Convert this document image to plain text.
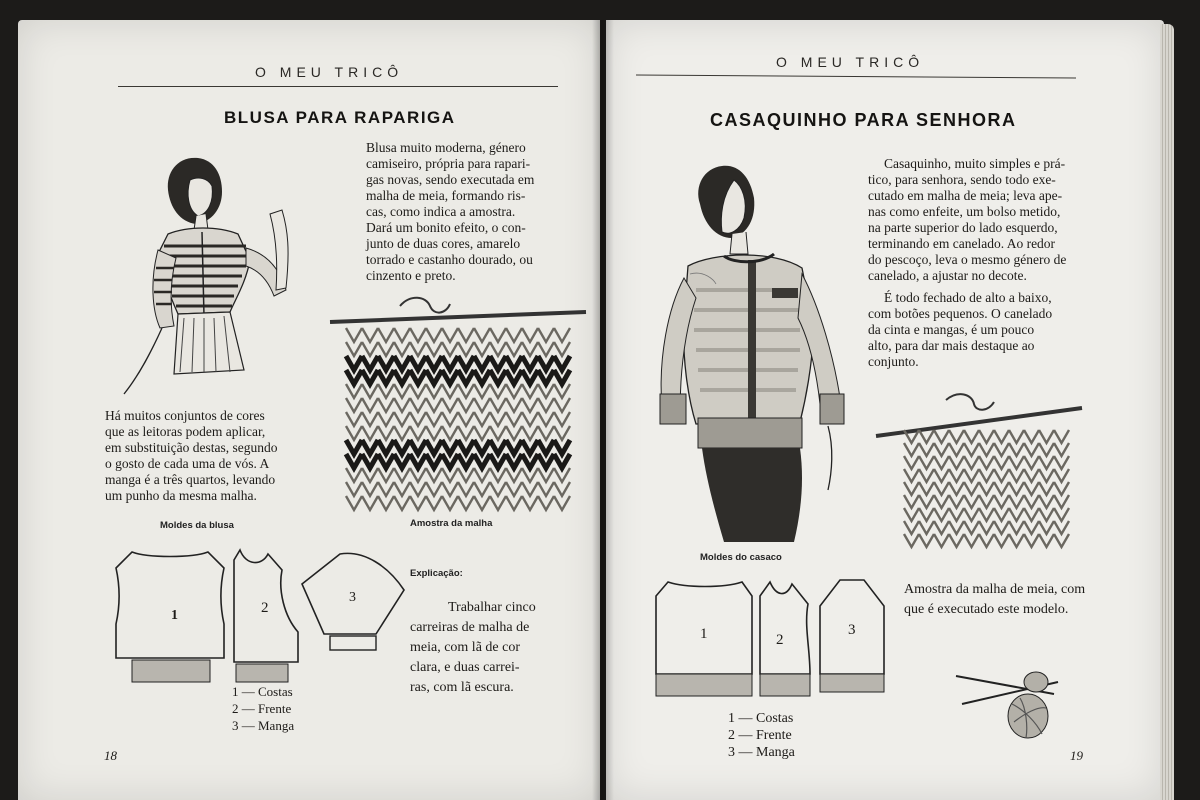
O MEU TRICÔ
BLUSA PARA RAPARIGA
Blusa muito moderna, género
camiseiro, própria para rapari-
gas novas, sendo executada em
malha de meia, formando ris-
cas, como indica a amostra.
Dará um bonito efeito, o con-
junto de duas cores, amarelo
torrado e castanho dourado, ou
cinzento e preto.
Há muitos conjuntos de cores
que as leitoras podem aplicar,
em substituição destas, segundo
o gosto de cada uma de vós. A
manga é a três quartos, levando
um punho da mesma malha.
Moldes da blusa	Amostra da malha
1	2
3
Explicação:
Trabalhar cinco
carreiras de malha de
meia, com lã de cor
clara, e duas carrei-
ras, com lã escura.
1 — Costas
2 — Frente
3 — Manga
18
O MEU TRICÔ
CASAQUINHO PARA SENHORA
Casaquinho, muito simples e prá-
tico, para senhora, sendo todo exe-
cutado em malha de meia; leva ape-
nas como enfeite, um bolso metido,
na parte superior do lado esquerdo,
terminando em canelado. Ao redor
do pescoço, leva o mesmo género de
canelado, a ajustar no decote.
É todo fechado de alto a baixo,
com botões pequenos. O canelado
da cinta e mangas, é um pouco
alto, para dar mais destaque ao
conjunto.
Moldes do casaco
1	2
3
Amostra da malha de meia, com
que é executado este modelo.
1 — Costas
2 — Frente
3 — Manga	19
